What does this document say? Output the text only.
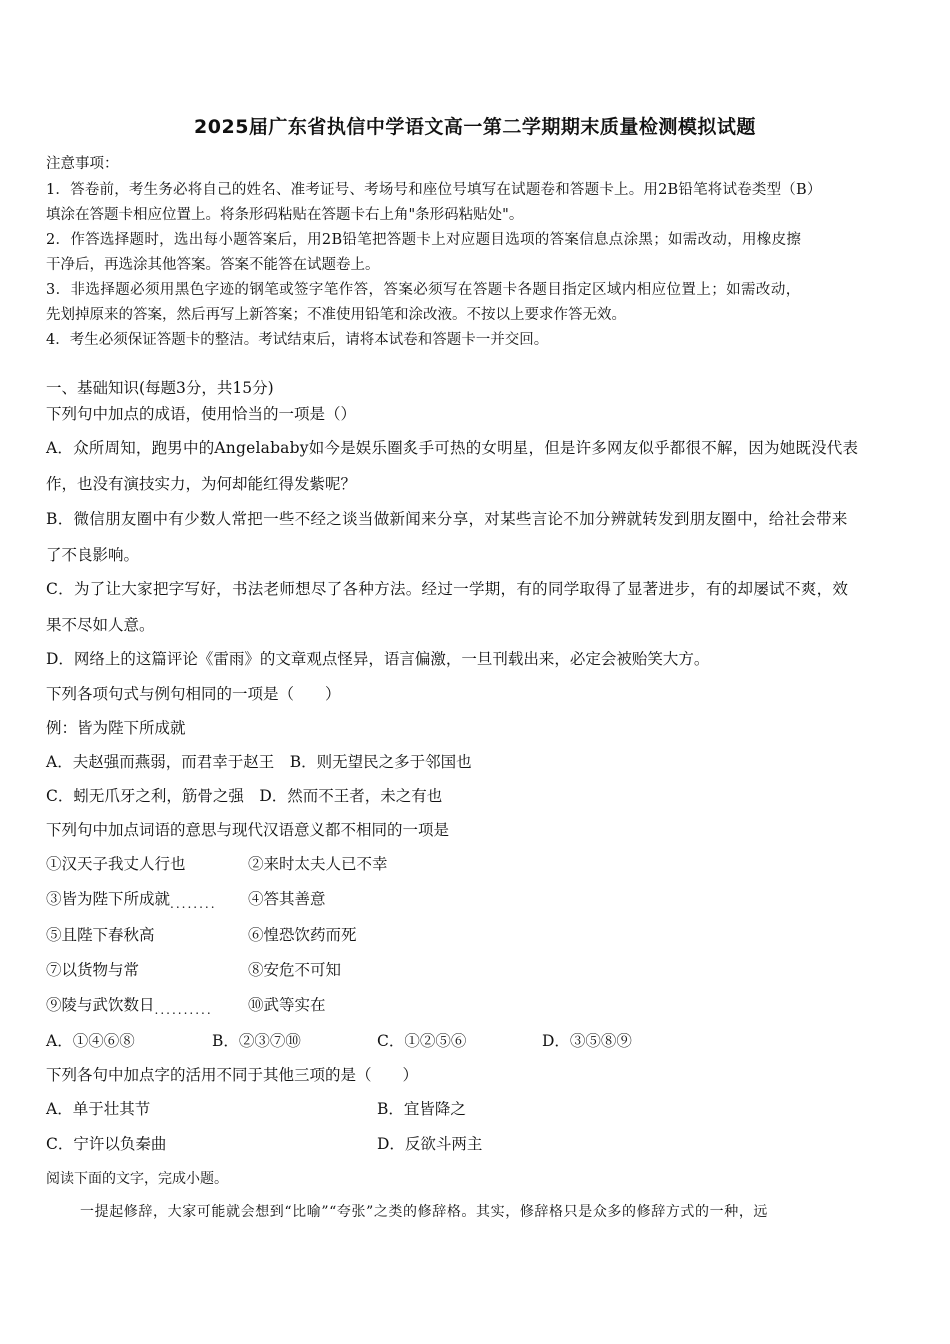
2025届广东省执信中学语文高一第二学期期末质量检测模拟试题
注意事项：
1．答卷前，考生务必将自己的姓名、准考证号、考场号和座位号填写在试题卷和答题卡上。用2B铅笔将试卷类型（B）
填涂在答题卡相应位置上。将条形码粘贴在答题卡右上角"条形码粘贴处"。
2．作答选择题时，选出每小题答案后，用2B铅笔把答题卡上对应题目选项的答案信息点涂黑；如需改动，用橡皮擦
干净后，再选涂其他答案。答案不能答在试题卷上。
3．非选择题必须用黑色字迹的钢笔或签字笔作答，答案必须写在答题卡各题目指定区域内相应位置上；如需改动，
先划掉原来的答案，然后再写上新答案；不准使用铅笔和涂改液。不按以上要求作答无效。
4．考生必须保证答题卡的整洁。考试结束后，请将本试卷和答题卡一并交回。
一、基础知识(每题3分，共15分)
下列句中加点的成语，使用恰当的一项是（）
A．众所周知，跑男中的Angelababy如今是娱乐圈炙手可热的女明星，但是许多网友似乎都很不解，因为她既没代表
作，也没有演技实力，为何却能红得发紫呢？
B．微信朋友圈中有少数人常把一些不经之谈当做新闻来分享，对某些言论不加分辨就转发到朋友圈中，给社会带来
了不良影响。
C．为了让大家把字写好，书法老师想尽了各种方法。经过一学期，有的同学取得了显著进步，有的却屡试不爽，效
果不尽如人意。
D．网络上的这篇评论《雷雨》的文章观点怪异，语言偏激，一旦刊载出来，必定会被贻笑大方。
下列各项句式与例句相同的一项是（　　）
例：皆为陛下所成就
A．夫赵强而燕弱，而君幸于赵王　B．则无望民之多于邻国也
C．蚓无爪牙之利，筋骨之强　D．然而不王者，未之有也
下列句中加点词语的意思与现代汉语意义都不相同的一项是
①汉天子我丈人行也	②来时太夫人已不幸
③皆为陛下所成就........ ④答其善意
⑤且陛下春秋高	⑥惶恐饮药而死
⑦以货物与常	⑧安危不可知
⑨陵与武饮数日.......... ⑩武等实在
A．①④⑥⑧	B．②③⑦⑩	C．①②⑤⑥	D．③⑤⑧⑨
下列各句中加点字的活用不同于其他三项的是（　　）
A．单于壮其节	B．宜皆降之
C．宁许以负秦曲	D．反欲斗两主
阅读下面的文字，完成小题。
一提起修辞，大家可能就会想到“比喻”“夸张”之类的修辞格。其实，修辞格只是众多的修辞方式的一种，远
